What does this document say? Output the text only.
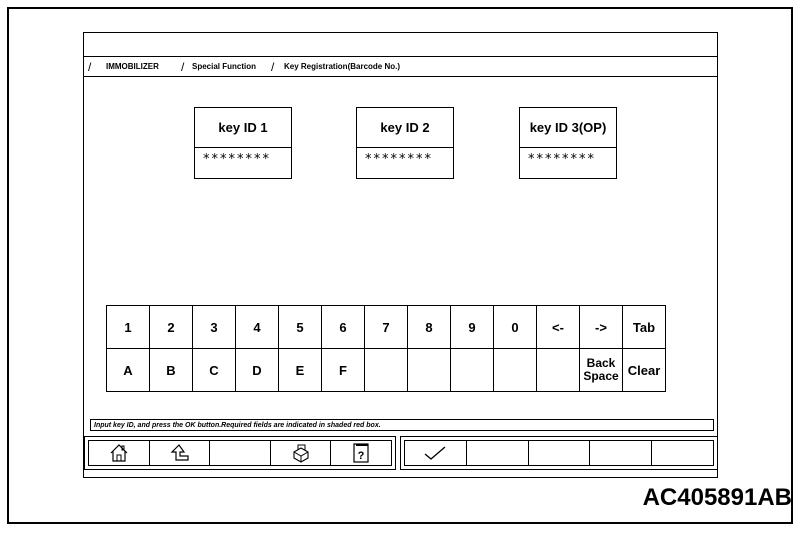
/ IMMOBILIZER / Special Function / Key Registration(Barcode No.)
key ID 1
********
key ID 2
********
key ID 3(OP)
********
1	2	3	4	5	6	7	8	9	0	<-	->	Tab
A	B	C	D	E	F						Back Space	Clear
Input key ID, and press the OK button.Required fields are indicated in shaded red box.
?
AC405891AB
